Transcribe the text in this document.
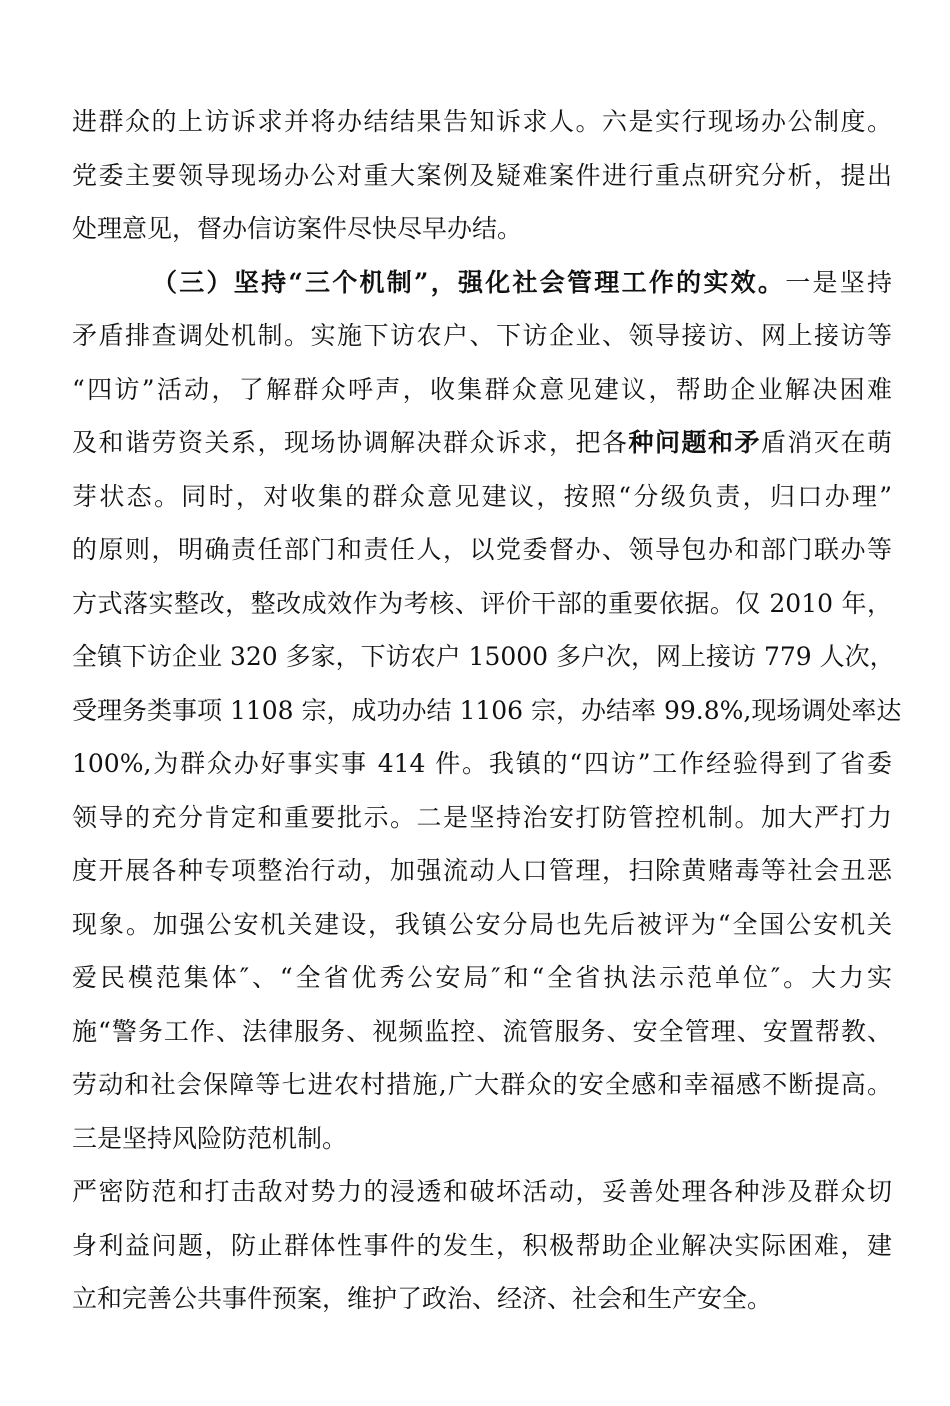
进群众的上访诉求并将办结结果告知诉求人。六是实行现场办公制度。
党委主要领导现场办公对重大案例及疑难案件进行重点研究分析，提出
处理意见，督办信访案件尽快尽早办结。
（三）坚持“三个机制”，强化社会管理工作的实效。一是坚持
矛盾排查调处机制。实施下访农户、下访企业、领导接访、网上接访等
“四访”活动，了解群众呼声，收集群众意见建议，帮助企业解决困难
及和谐劳资关系，现场协调解决群众诉求，把各种问题和矛盾消灭在萌
芽状态。同时，对收集的群众意见建议，按照“分级负责，归口办理”
的原则，明确责任部门和责任人，以党委督办、领导包办和部门联办等
方式落实整改，整改成效作为考核、评价干部的重要依据。仅 2010 年，
全镇下访企业 320 多家，下访农户 15000 多户次，网上接访 779 人次，
受理务类事项 1108 宗，成功办结 1106 宗，办结率 99.8%,现场调处率达
100%,为群众办好事实事 414 件。我镇的“四访”工作经验得到了省委
领导的充分肯定和重要批示。二是坚持治安打防管控机制。加大严打力
度开展各种专项整治行动，加强流动人口管理，扫除黄赌毒等社会丑恶
现象。加强公安机关建设，我镇公安分局也先后被评为“全国公安机关
爱民模范集体″、“全省优秀公安局″和“全省执法示范单位″。大力实
施“警务工作、法律服务、视频监控、流管服务、安全管理、安置帮教、
劳动和社会保障等七进农村措施,广大群众的安全感和幸福感不断提高。
三是坚持风险防范机制。
严密防范和打击敌对势力的浸透和破坏活动，妥善处理各种涉及群众切
身利益问题，防止群体性事件的发生，积极帮助企业解决实际困难，建
立和完善公共事件预案，维护了政治、经济、社会和生产安全。
